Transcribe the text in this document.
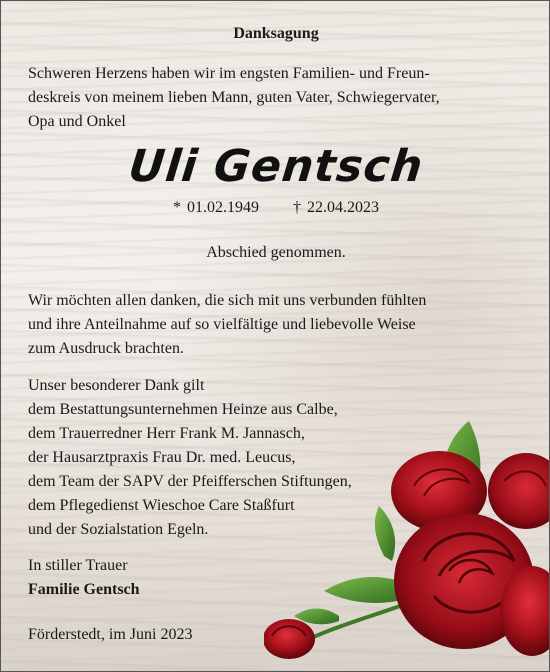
Danksagung
Schweren Herzens haben wir im engsten Familien- und Freun-
deskreis von meinem lieben Mann, guten Vater, Schwiegervater,
Opa und Onkel
Uli Gentsch
* 01.02.1949 † 22.04.2023
Abschied genommen.
Wir möchten allen danken, die sich mit uns verbunden fühlten
und ihre Anteilnahme auf so vielfältige und liebevolle Weise
zum Ausdruck brachten.
Unser besonderer Dank gilt
dem Bestattungsunternehmen Heinze aus Calbe,
dem Trauerredner Herr Frank M. Jannasch,
der Hausarztpraxis Frau Dr. med. Leucus,
dem Team der SAPV der Pfeifferschen Stiftungen,
dem Pflegedienst Wieschoe Care Staßfurt
und der Sozialstation Egeln.
In stiller Trauer
Familie Gentsch
Förderstedt, im Juni 2023
